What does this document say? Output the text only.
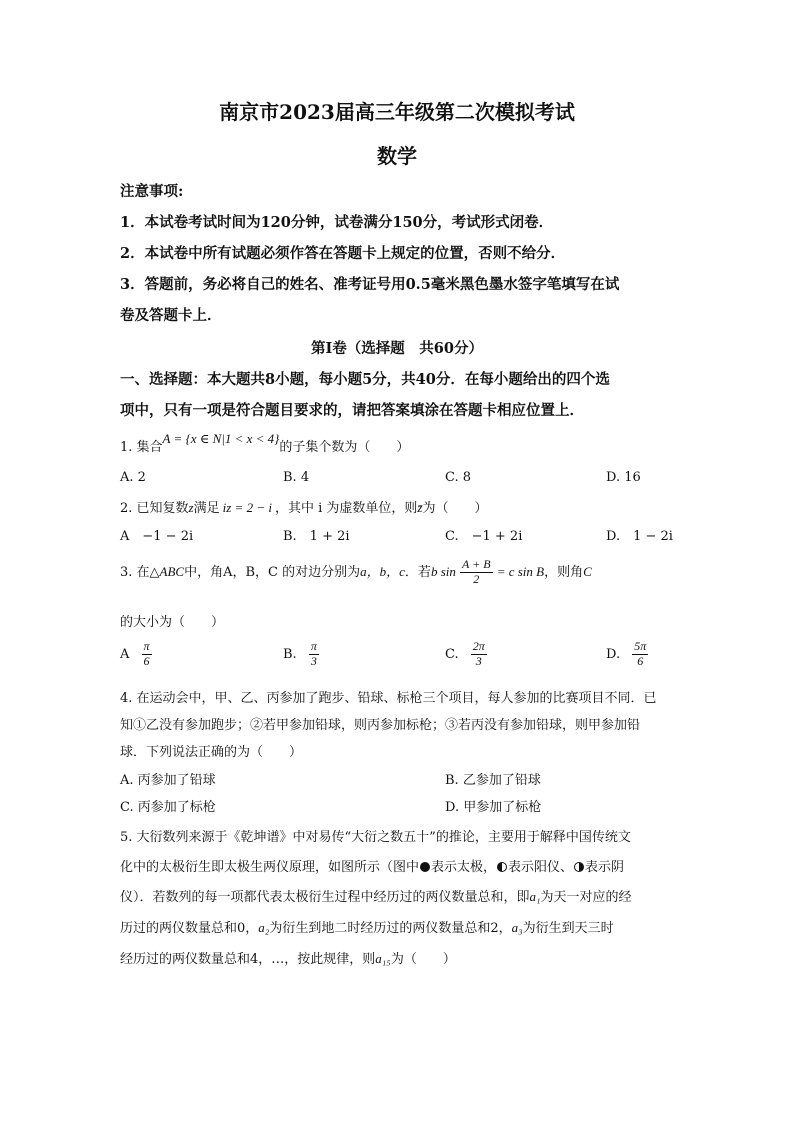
南京市2023届高三年级第二次模拟考试
数学
注意事项:
1．本试卷考试时间为120分钟，试卷满分150分，考试形式闭卷．
2．本试卷中所有试题必须作答在答题卡上规定的位置，否则不给分．
3．答题前，务必将自己的姓名、准考证号用0.5毫米黑色墨水签字笔填写在试
卷及答题卡上．
第Ⅰ卷（选择题　共60分）
一、选择题：本大题共8小题，每小题5分，共40分．在每小题给出的四个选
项中，只有一项是符合题目要求的，请把答案填涂在答题卡相应位置上．
1. 集合A = {x ∈ N|1 < x < 4}的子集个数为（　　）
A. 2	B. 4	C. 8	D. 16
2. 已知复数z满足 iz = 2 − i ，其中 i 为虚数单位，则z̄为（　　）
A　−1 − 2i	B.　1 + 2i	C.　−1 + 2i	D.　1 − 2i
3. 在△ABC中，角A，B，C 的对边分别为a，b，c．若b $\sin \frac{A + B}{2} = c$ sin B，则角C
的大小为（　　）
A $\frac{\pi}{6}$	B. $\frac{\pi}{3}$	C. $\frac{2\pi}{3}$	D. $\frac{5\pi}{6}$
4. 在运动会中，甲、乙、丙参加了跑步、铅球、标枪三个项目，每人参加的比赛项目不同．已
知①乙没有参加跑步；②若甲参加铅球，则丙参加标枪；③若丙没有参加铅球，则甲参加铅
球．下列说法正确的为（　　）
A. 丙参加了铅球	B. 乙参加了铅球
C. 丙参加了标枪	D. 甲参加了标枪
5. 大衍数列来源于《乾坤谱》中对易传“大衍之数五十”的推论，主要用于解释中国传统文
化中的太极衍生即太极生两仪原理，如图所示（图中 表示太极， 表示阳仪、 表示阴
仪）．若数列的每一项都代表太极衍生过程中经历过的两仪数量总和，即a₁为天一对应的经
历过的两仪数量总和0，a₂为衍生到地二时经历过的两仪数量总和2，a₃为衍生到天三时
经历过的两仪数量总和4，…，按此规律，则a₁₅为（　　）
